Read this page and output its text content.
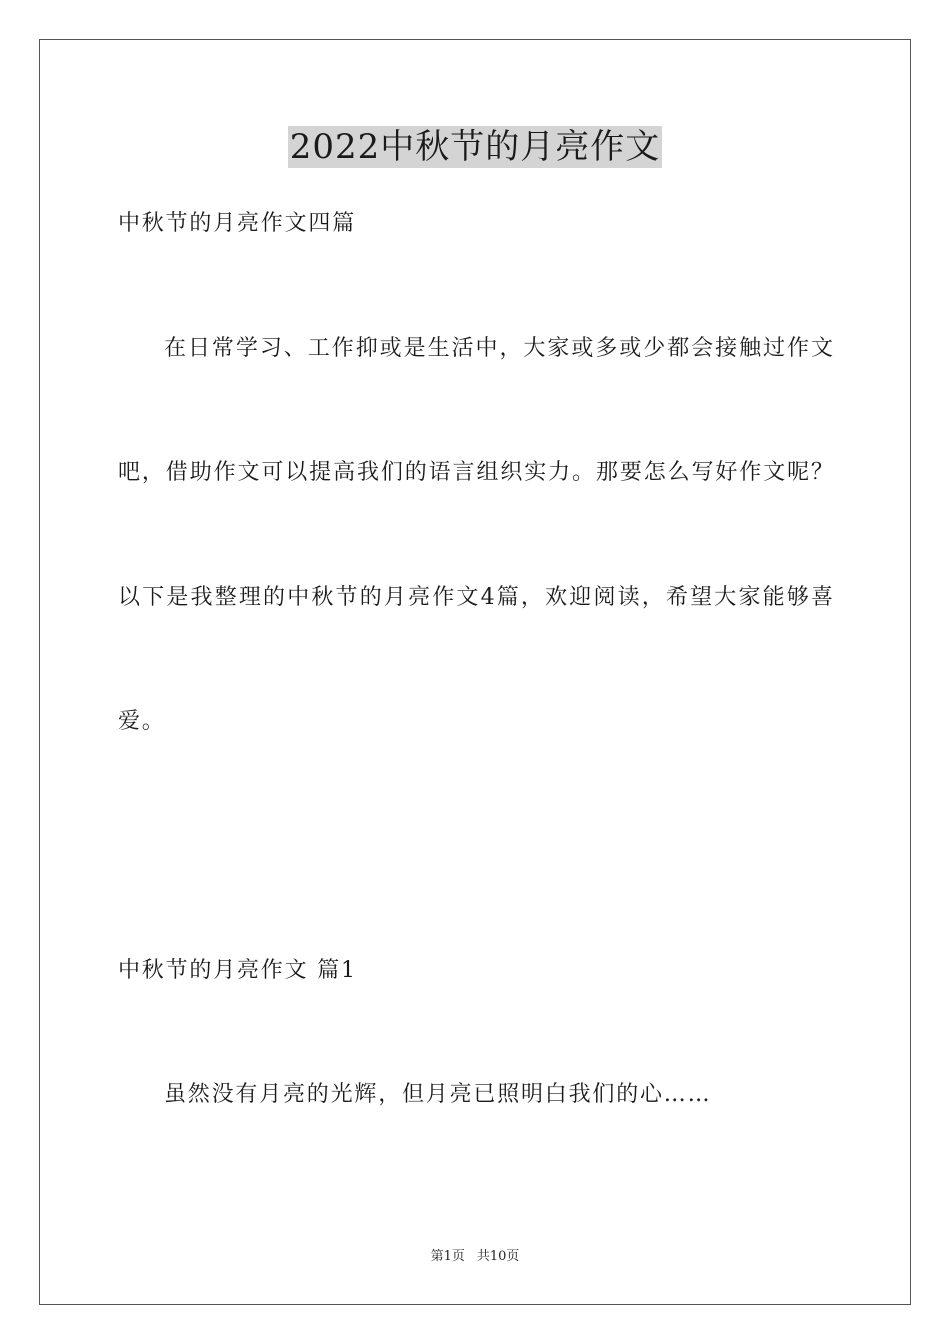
2022中秋节的月亮作文
中秋节的月亮作文四篇
在日常学习、工作抑或是生活中，大家或多或少都会接触过作文
吧，借助作文可以提高我们的语言组织实力。那要怎么写好作文呢？
以下是我整理的中秋节的月亮作文4篇，欢迎阅读，希望大家能够喜
爱。
中秋节的月亮作文 篇1
虽然没有月亮的光辉，但月亮已照明白我们的心……
第1页 共10页
